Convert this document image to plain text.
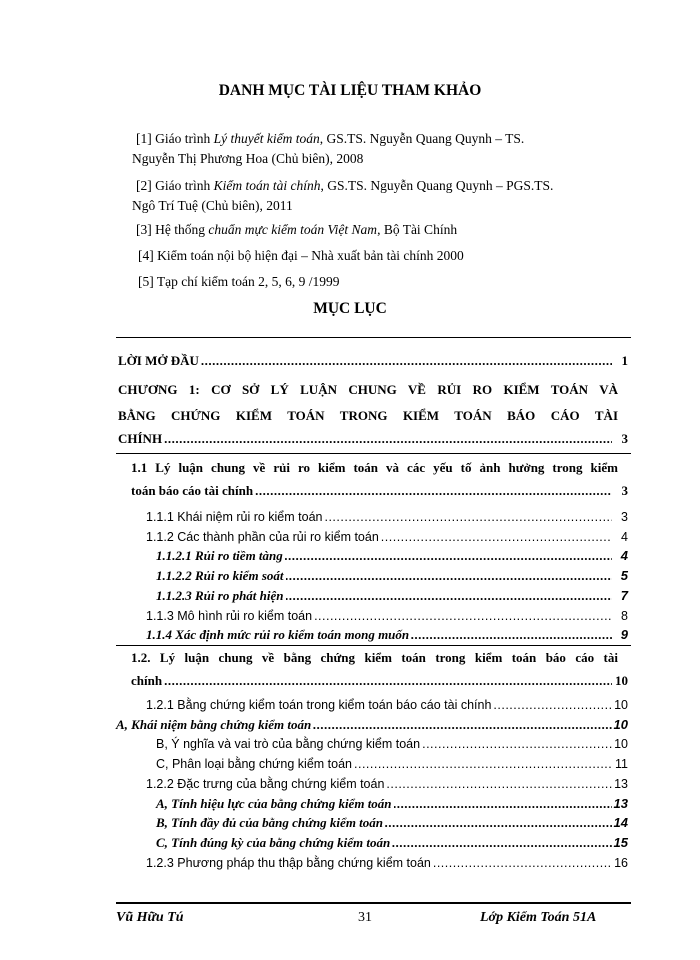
DANH MỤC TÀI LIỆU THAM KHẢO
[1] Giáo trình Lý thuyết kiểm toán, GS.TS. Nguyễn Quang Quynh – TS.
Nguyễn Thị Phương Hoa (Chủ biên), 2008
[2] Giáo trình Kiểm toán tài chính, GS.TS. Nguyễn Quang Quynh – PGS.TS.
Ngô Trí Tuệ (Chủ biên), 2011
[3] Hệ thống chuẩn mực kiểm toán Việt Nam, Bộ Tài Chính
[4] Kiểm toán nội bộ hiện đại – Nhà xuất bản tài chính 2000
[5] Tạp chí kiểm toán 2, 5, 6, 9 /1999
MỤC LỤC
LỜI MỞ ĐẦU .....	1
CHƯƠNG 1: CƠ SỞ LÝ LUẬN CHUNG VỀ RỦI RO KIỂM TOÁN VÀ
BẰNG CHỨNG KIỂM TOÁN TRONG KIỂM TOÁN BÁO CÁO TÀI
CHÍNH .....	3
1.1 Lý luận chung về rủi ro kiểm toán và các yếu tố ảnh hưởng trong kiểm
toán báo cáo tài chính .....	3
1.1.1 Khái niệm rủi ro kiểm toán .....	3
1.1.2 Các thành phần của rủi ro kiểm toán .....	4
1.1.2.1 Rủi ro tiềm tàng .....	4
1.1.2.2 Rủi ro kiểm soát .....	5
1.1.2.3 Rủi ro phát hiện .....	7
1.1.3 Mô hình rủi ro kiểm toán .....	8
1.1.4 Xác định mức rủi ro kiểm toán mong muốn .....	9
1.2. Lý luận chung về bằng chứng kiểm toán trong kiểm toán báo cáo tài
chính .....	10
1.2.1 Bằng chứng kiểm toán trong kiểm toán báo cáo tài chính .....	10
A, Khái niệm bằng chứng kiểm toán .....	10
B, Ý nghĩa và vai trò của bằng chứng kiểm toán .....	10
C, Phân loại bằng chứng kiểm toán .....	11
1.2.2 Đặc trưng của bằng chứng kiểm toán .....	13
A, Tính hiệu lực của bằng chứng kiểm toán .....	13
B, Tính đầy đủ của bằng chứng kiểm toán .....	14
C, Tính đúng kỳ của bằng chứng kiểm toán .....	15
1.2.3 Phương pháp thu thập bằng chứng kiểm toán .....	16
Vũ Hữu Tú	31	Lớp Kiểm Toán 51A
